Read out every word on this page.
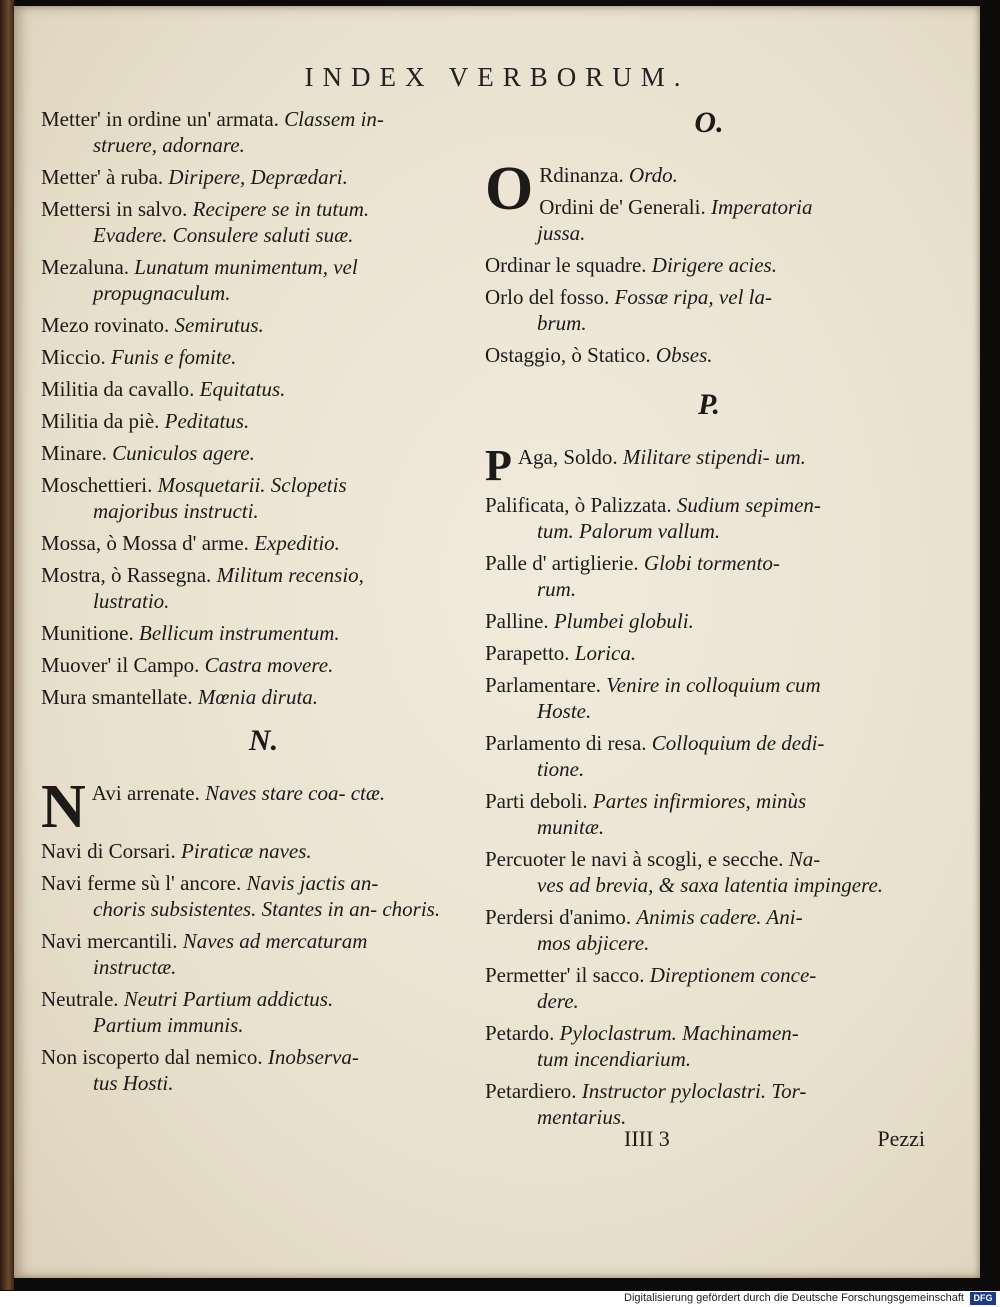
INDEX VERBORUM.
Metter' in ordine un' armata. Classem in-
struere, adornare.
Metter' à ruba. Diripere, Deprædari.
Mettersi in salvo. Recipere se in tutum.
Evadere. Consulere saluti suæ.
Mezaluna. Lunatum munimentum, vel
propugnaculum.
Mezo rovinato. Semirutus.
Miccio. Funis e fomite.
Militia da cavallo. Equitatus.
Militia da piè. Peditatus.
Minare. Cuniculos agere.
Moschettieri. Mosquetarii. Sclopetis
majoribus instructi.
Mossa, ò Mossa d' arme. Expeditio.
Mostra, ò Rassegna. Militum recensio,
lustratio.
Munitione. Bellicum instrumentum.
Muover' il Campo. Castra movere.
Mura smantellate. Mœnia diruta.
N.
N Avi arrenate. Naves stare coa- ctæ.
Navi di Corsari. Piraticæ naves.
Navi ferme sù l' ancore. Navis jactis an-
choris subsistentes. Stantes in an- choris.
Navi mercantili. Naves ad mercaturam
instructæ.
Neutrale. Neutri Partium addictus.
Partium immunis.
Non iscoperto dal nemico. Inobserva-
tus Hosti.
O.
O Rdinanza. Ordo.
Ordini de' Generali. Imperatoria
jussa.
Ordinar le squadre. Dirigere acies.
Orlo del fosso. Fossæ ripa, vel la-
brum.
Ostaggio, ò Statico. Obses.
P.
P Aga, Soldo. Militare stipendi- um.
Palificata, ò Palizzata. Sudium sepimen-
tum. Palorum vallum.
Palle d' artiglierie. Globi tormento-
rum.
Palline. Plumbei globuli.
Parapetto. Lorica.
Parlamentare. Venire in colloquium cum
Hoste.
Parlamento di resa. Colloquium de dedi-
tione.
Parti deboli. Partes infirmiores, minùs
munitæ.
Percuoter le navi à scogli, e secche. Na-
ves ad brevia, & saxa latentia impingere.
Perdersi d'animo. Animis cadere. Ani-
mos abjicere.
Permetter' il sacco. Direptionem conce-
dere.
Petardo. Pyloclastrum. Machinamen-
tum incendiarium.
Petardiero. Instructor pyloclastri. Tor-
mentarius.
IIII 3	Pezzi
Digitalisierung gefördert durch die Deutsche Forschungsgemeinschaft	DFG
